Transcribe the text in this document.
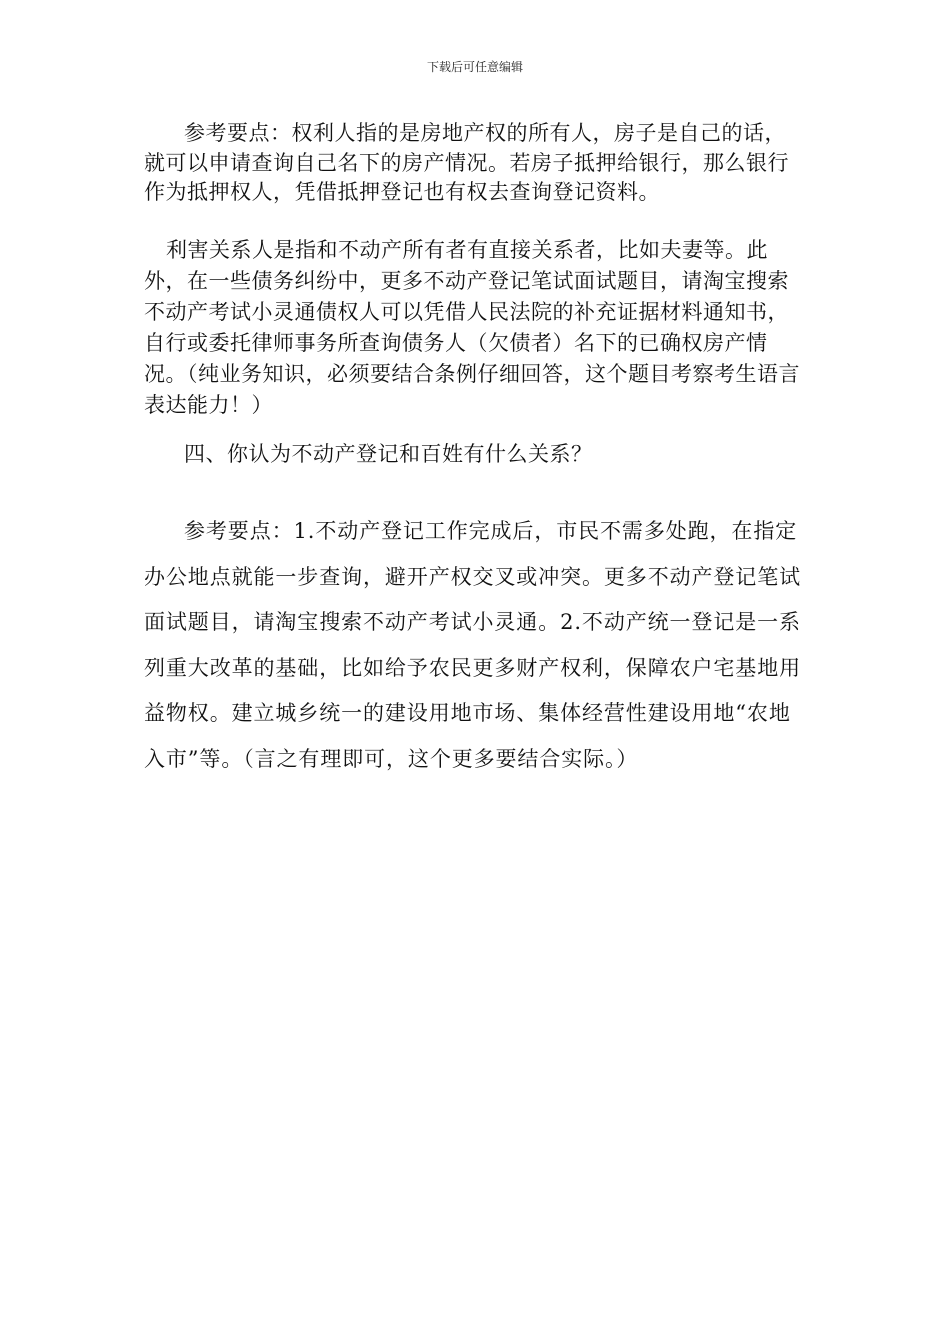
下载后可任意编辑

参考要点：权利人指的是房地产权的所有人，房子是自己的话，就可以申请查询自己名下的房产情况。若房子抵押给银行，那么银行作为抵押权人，凭借抵押登记也有权去查询登记资料。

利害关系人是指和不动产所有者有直接关系者，比如夫妻等。此外，在一些债务纠纷中，更多不动产登记笔试面试题目，请淘宝搜索不动产考试小灵通债权人可以凭借人民法院的补充证据材料通知书，自行或委托律师事务所查询债务人（欠债者）名下的已确权房产情况。（纯业务知识，必须要结合条例仔细回答，这个题目考察考生语言表达能力！）

四、你认为不动产登记和百姓有什么关系？

参考要点：1.不动产登记工作完成后，市民不需多处跑，在指定办公地点就能一步查询，避开产权交叉或冲突。更多不动产登记笔试面试题目，请淘宝搜索不动产考试小灵通。2.不动产统一登记是一系列重大改革的基础，比如给予农民更多财产权利，保障农户宅基地用益物权。建立城乡统一的建设用地市场、集体经营性建设用地“农地入市”等。（言之有理即可，这个更多要结合实际。）
